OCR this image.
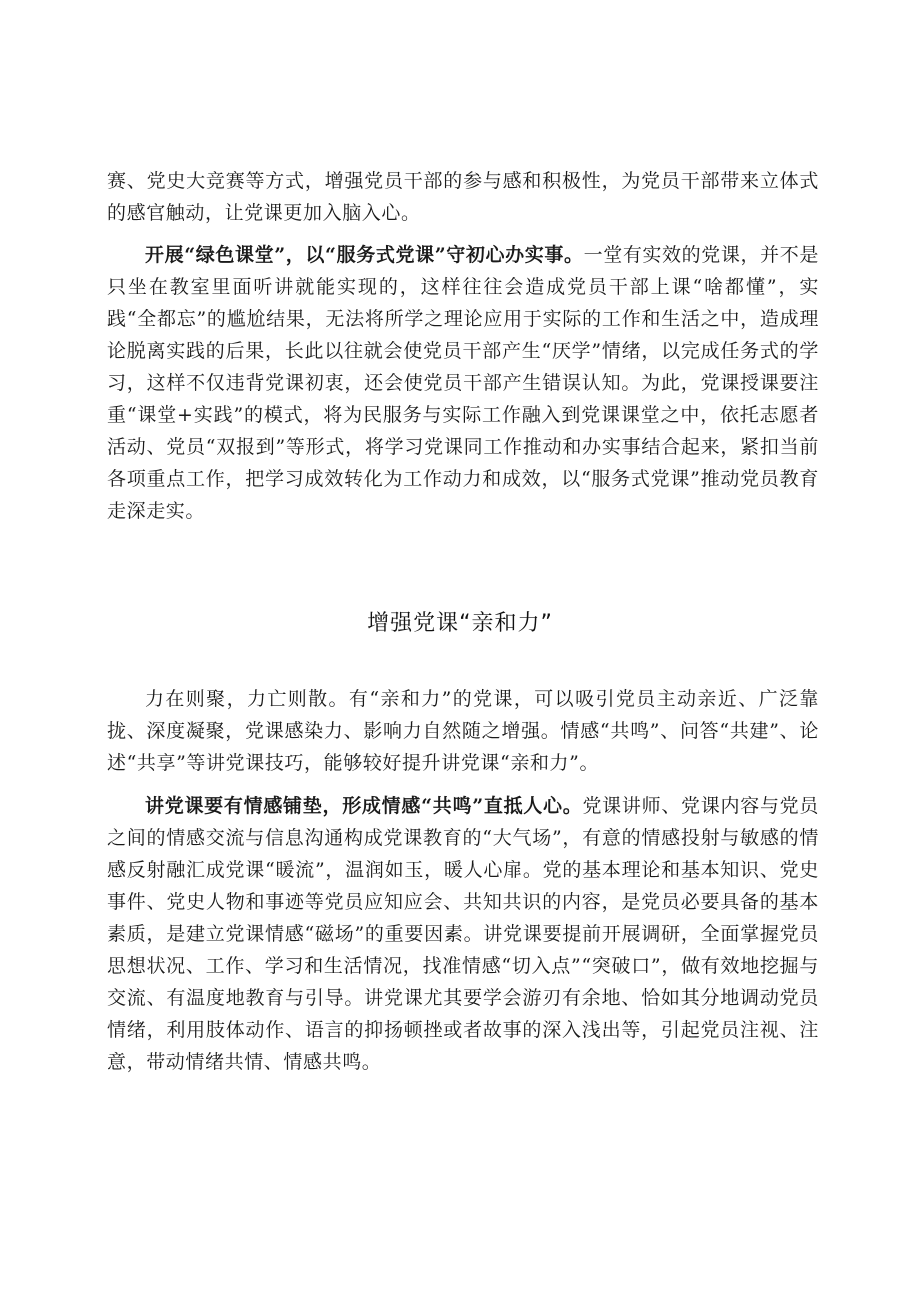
赛、党史大竞赛等方式，增强党员干部的参与感和积极性，为党员干部带来立体式的感官触动，让党课更加入脑入心。

开展“绿色课堂”，以“服务式党课”守初心办实事。一堂有实效的党课，并不是只坐在教室里面听讲就能实现的，这样往往会造成党员干部上课“啥都懂”，实践“全都忘”的尴尬结果，无法将所学之理论应用于实际的工作和生活之中，造成理论脱离实践的后果，长此以往就会使党员干部产生“厌学”情绪，以完成任务式的学习，这样不仅违背党课初衷，还会使党员干部产生错误认知。为此，党课授课要注重“课堂+实践”的模式，将为民服务与实际工作融入到党课课堂之中，依托志愿者活动、党员“双报到”等形式，将学习党课同工作推动和办实事结合起来，紧扣当前各项重点工作，把学习成效转化为工作动力和成效，以“服务式党课”推动党员教育走深走实。

增强党课“亲和力”

力在则聚，力亡则散。有“亲和力”的党课，可以吸引党员主动亲近、广泛靠拢、深度凝聚，党课感染力、影响力自然随之增强。情感“共鸣”、问答“共建”、论述“共享”等讲党课技巧，能够较好提升讲党课“亲和力”。

讲党课要有情感铺垫，形成情感“共鸣”直抵人心。党课讲师、党课内容与党员之间的情感交流与信息沟通构成党课教育的“大气场”，有意的情感投射与敏感的情感反射融汇成党课“暖流”，温润如玉，暖人心扉。党的基本理论和基本知识、党史事件、党史人物和事迹等党员应知应会、共知共识的内容，是党员必要具备的基本素质，是建立党课情感“磁场”的重要因素。讲党课要提前开展调研，全面掌握党员思想状况、工作、学习和生活情况，找准情感“切入点”“突破口”，做有效地挖掘与交流、有温度地教育与引导。讲党课尤其要学会游刃有余地、恰如其分地调动党员情绪，利用肢体动作、语言的抑扬顿挫或者故事的深入浅出等，引起党员注视、注意，带动情绪共情、情感共鸣。
